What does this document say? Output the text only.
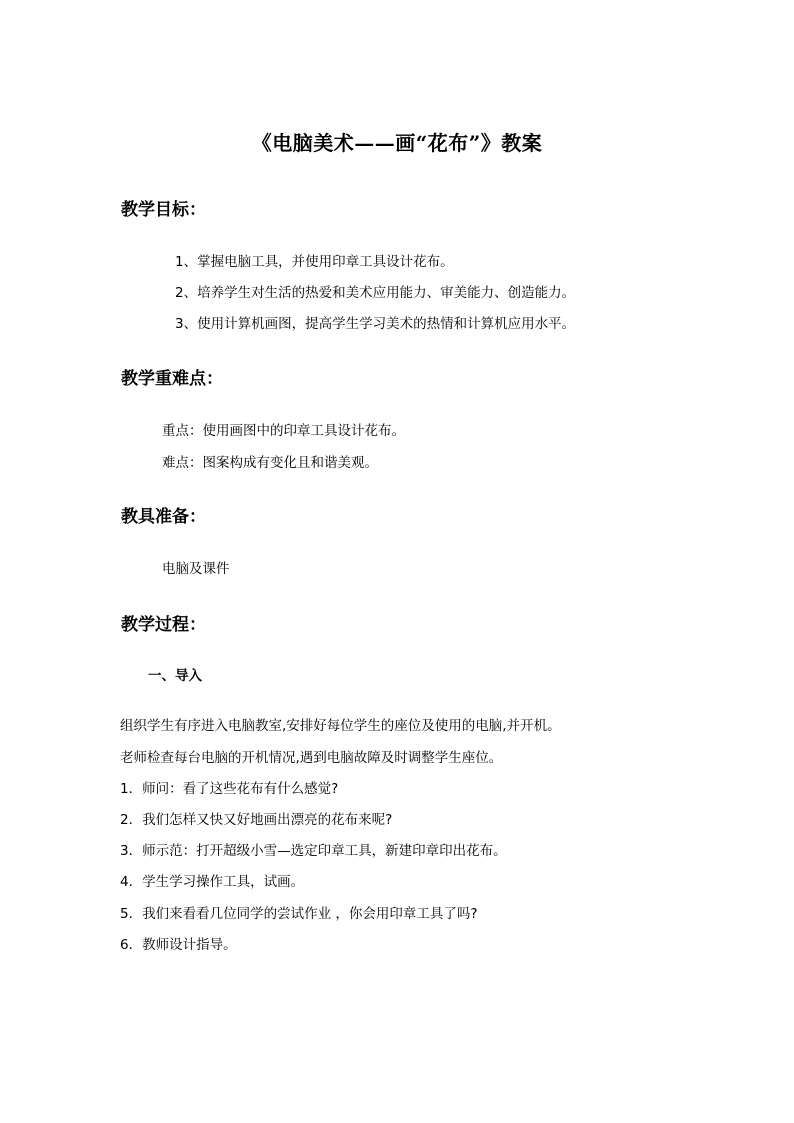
《电脑美术——画“花布”》教案
教学目标：
1、掌握电脑工具，并使用印章工具设计花布。
2、培养学生对生活的热爱和美术应用能力、审美能力、创造能力。
3、使用计算机画图，提高学生学习美术的热情和计算机应用水平。
教学重难点：
重点：使用画图中的印章工具设计花布。
难点：图案构成有变化且和谐美观。
教具准备：
电脑及课件
教学过程：
一、导入
组织学生有序进入电脑教室,安排好每位学生的座位及使用的电脑,并开机。
老师检查每台电脑的开机情况,遇到电脑故障及时调整学生座位。
1．师问：看了这些花布有什么感觉?
2．我们怎样又快又好地画出漂亮的花布来呢?
3．师示范：打开超级小雪—选定印章工具，新建印章印出花布。
4．学生学习操作工具，试画。
5．我们来看看几位同学的尝试作业 ，你会用印章工具了吗?
6．教师设计指导。
